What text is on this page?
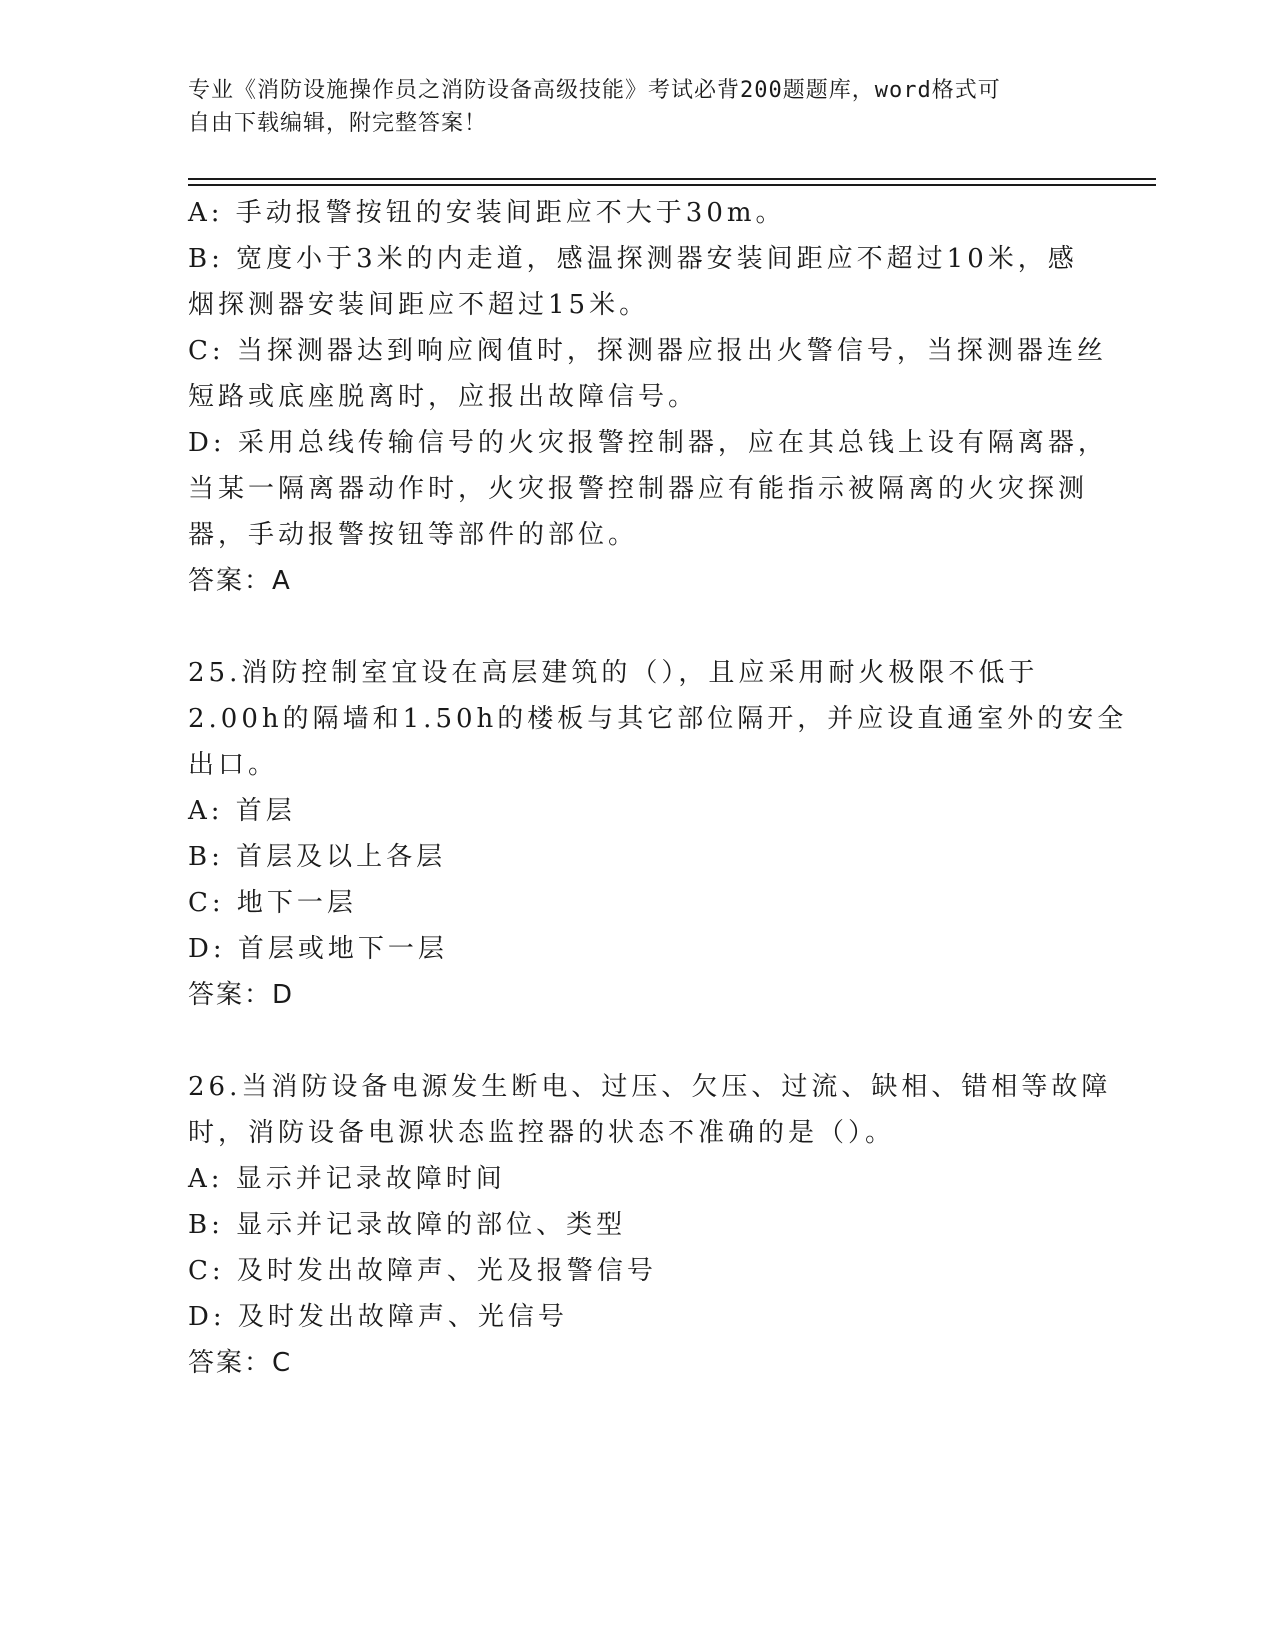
专业《消防设施操作员之消防设备高级技能》考试必背200题题库，word格式可
自由下载编辑，附完整答案！
A: 手动报警按钮的安装间距应不大于30m。
B: 宽度小于3米的内走道，感温探测器安装间距应不超过10米，感
烟探测器安装间距应不超过15米。
C: 当探测器达到响应阀值时，探测器应报出火警信号，当探测器连丝
短路或底座脱离时，应报出故障信号。
D: 采用总线传输信号的火灾报警控制器，应在其总钱上设有隔离器，
当某一隔离器动作时，火灾报警控制器应有能指示被隔离的火灾探测
器，手动报警按钮等部件的部位。
答案：A
25.消防控制室宜设在高层建筑的（），且应采用耐火极限不低于
2.00h的隔墙和1.50h的楼板与其它部位隔开，并应设直通室外的安全
出口。
A: 首层
B: 首层及以上各层
C: 地下一层
D: 首层或地下一层
答案：D
26.当消防设备电源发生断电、过压、欠压、过流、缺相、错相等故障
时，消防设备电源状态监控器的状态不准确的是（）。
A: 显示并记录故障时间
B: 显示并记录故障的部位、类型
C: 及时发出故障声、光及报警信号
D: 及时发出故障声、光信号
答案：C
